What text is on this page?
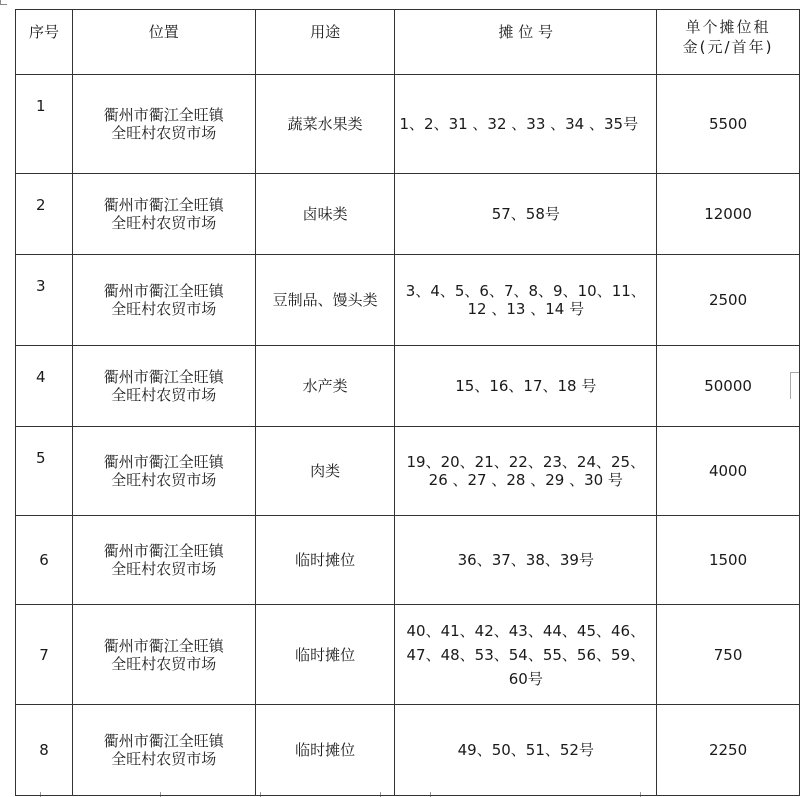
序号	位置	用途	摊 位 号	单个摊位租
金(元/首年)

1	衢州市衢江全旺镇
全旺村农贸市场	蔬菜水果类	1、2、31 、32 、33 、34 、35号	5500
2	衢州市衢江全旺镇
全旺村农贸市场	卤味类	57、58号	12000
3	衢州市衢江全旺镇
全旺村农贸市场	豆制品、馒头类	3、4、5、6、7、8、9、10、11、12 、13 、14 号	2500
4	衢州市衢江全旺镇
全旺村农贸市场	水产类	15、16、17、18 号	50000
5	衢州市衢江全旺镇
全旺村农贸市场	肉类	19、20、21、22、23、24、25、26 、27 、28 、29 、30 号	4000
6	衢州市衢江全旺镇
全旺村农贸市场	临时摊位	36、37、38、39号	1500
7	衢州市衢江全旺镇
全旺村农贸市场	临时摊位	40、41、42、43、44、45、46、47、48、53、54、55、56、59、60号	750
8	衢州市衢江全旺镇
全旺村农贸市场	临时摊位	49、50、51、52号	2250
